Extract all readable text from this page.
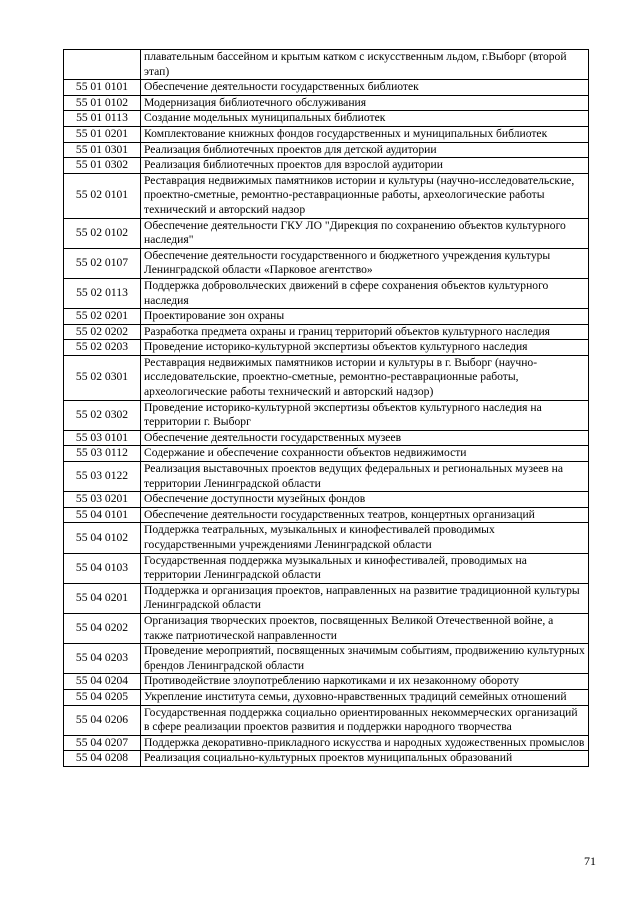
	плавательным бассейном и крытым катком с искусственным льдом, г.Выборг (второй этап)
55 01 0101	Обеспечение деятельности государственных библиотек
55 01 0102	Модернизация библиотечного обслуживания
55 01 0113	Создание модельных муниципальных библиотек
55 01 0201	Комплектование книжных фондов государственных и муниципальных библиотек
55 01 0301	Реализация библиотечных проектов для детской аудитории
55 01 0302	Реализация библиотечных проектов для взрослой аудитории
55 02 0101	Реставрация недвижимых памятников истории и культуры (научно-исследовательские, проектно-сметные, ремонтно-реставрационные работы, археологические работы технический и авторский надзор
55 02 0102	Обеспечение деятельности ГКУ ЛО "Дирекция по сохранению объектов культурного наследия"
55 02 0107	Обеспечение деятельности государственного и бюджетного учреждения культуры Ленинградской области «Парковое агентство»
55 02 0113	Поддержка добровольческих движений в сфере сохранения объектов культурного наследия
55 02 0201	Проектирование зон охраны
55 02 0202	Разработка предмета охраны и границ территорий объектов культурного наследия
55 02 0203	Проведение историко-культурной экспертизы объектов культурного наследия
55 02 0301	Реставрация недвижимых памятников истории и культуры в г. Выборг (научно-исследовательские, проектно-сметные, ремонтно-реставрационные работы, археологические работы технический и авторский надзор)
55 02 0302	Проведение историко-культурной экспертизы объектов культурного наследия на территории г. Выборг
55 03 0101	Обеспечение деятельности государственных музеев
55 03 0112	Содержание и обеспечение сохранности объектов недвижимости
55 03 0122	Реализация выставочных проектов ведущих федеральных и региональных музеев на территории Ленинградской области
55 03 0201	Обеспечение доступности музейных фондов
55 04 0101	Обеспечение деятельности государственных театров, концертных организаций
55 04 0102	Поддержка театральных, музыкальных и кинофестивалей проводимых государственными учреждениями Ленинградской области
55 04 0103	Государственная поддержка музыкальных и кинофестивалей, проводимых на территории Ленинградской области
55 04 0201	Поддержка и организация проектов, направленных на развитие традиционной культуры Ленинградской области
55 04 0202	Организация творческих проектов, посвященных Великой Отечественной войне, а также патриотической направленности
55 04 0203	Проведение мероприятий, посвященных значимым событиям, продвижению культурных брендов Ленинградской области
55 04 0204	Противодействие злоупотреблению наркотиками и их незаконному обороту
55 04 0205	Укрепление института семьи, духовно-нравственных традиций семейных отношений
55 04 0206	Государственная поддержка социально ориентированных некоммерческих организаций в сфере реализации проектов развития и поддержки народного творчества
55 04 0207	Поддержка декоративно-прикладного искусства и народных художественных промыслов
55 04 0208	Реализация социально-культурных проектов муниципальных образований
71
